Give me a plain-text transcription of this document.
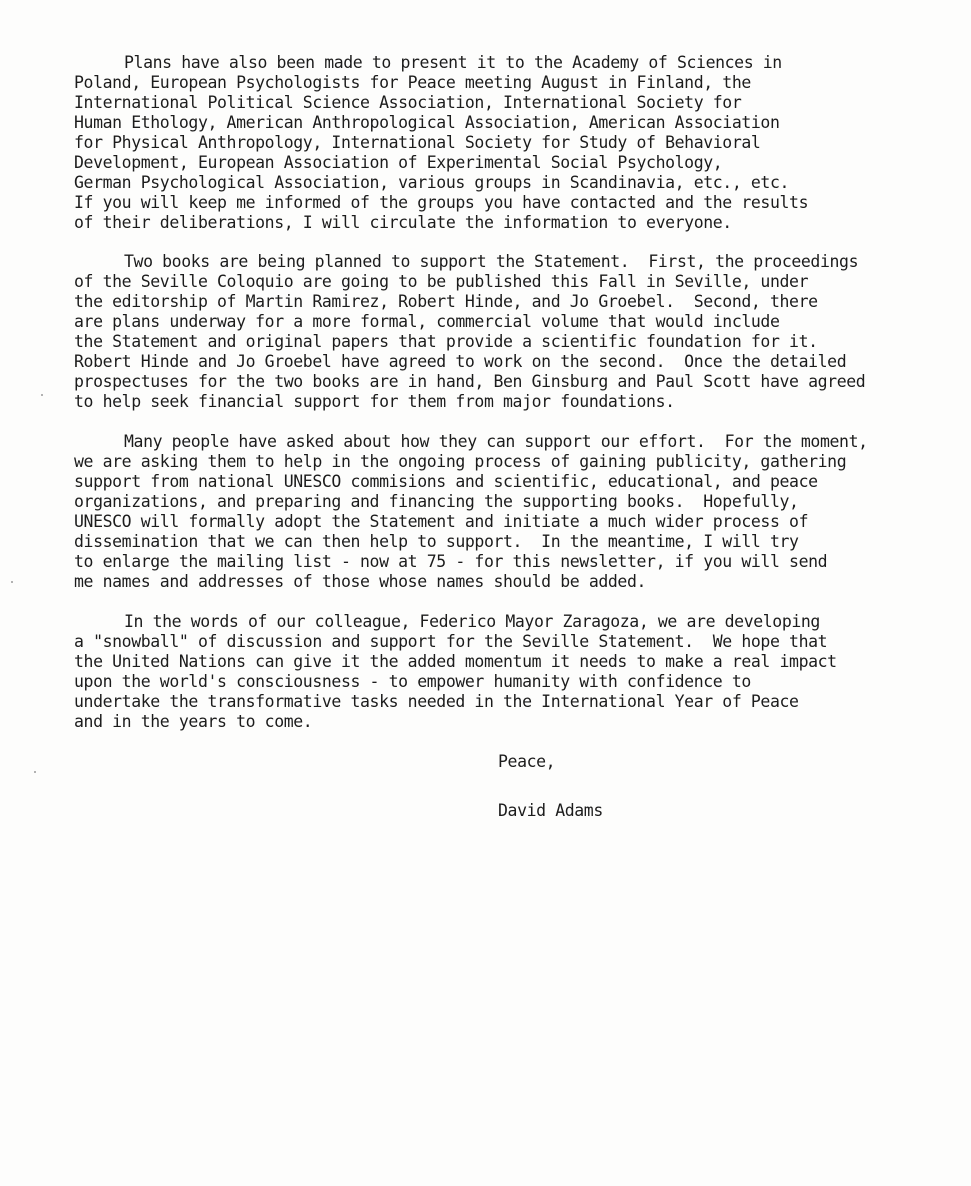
Plans have also been made to present it to the Academy of Sciences in
Poland, European Psychologists for Peace meeting August in Finland, the
International Political Science Association, International Society for
Human Ethology, American Anthropological Association, American Association
for Physical Anthropology, International Society for Study of Behavioral
Development, European Association of Experimental Social Psychology,
German Psychological Association, various groups in Scandinavia, etc., etc.
If you will keep me informed of the groups you have contacted and the results
of their deliberations, I will circulate the information to everyone.
Two books are being planned to support the Statement.  First, the proceedings
of the Seville Coloquio are going to be published this Fall in Seville, under
the editorship of Martin Ramirez, Robert Hinde, and Jo Groebel.  Second, there
are plans underway for a more formal, commercial volume that would include
the Statement and original papers that provide a scientific foundation for it.
Robert Hinde and Jo Groebel have agreed to work on the second.  Once the detailed
prospectuses for the two books are in hand, Ben Ginsburg and Paul Scott have agreed
to help seek financial support for them from major foundations.
Many people have asked about how they can support our effort.  For the moment,
we are asking them to help in the ongoing process of gaining publicity, gathering
support from national UNESCO commisions and scientific, educational, and peace
organizations, and preparing and financing the supporting books.  Hopefully,
UNESCO will formally adopt the Statement and initiate a much wider process of
dissemination that we can then help to support.  In the meantime, I will try
to enlarge the mailing list - now at 75 - for this newsletter, if you will send
me names and addresses of those whose names should be added.
In the words of our colleague, Federico Mayor Zaragoza, we are developing
a "snowball" of discussion and support for the Seville Statement.  We hope that
the United Nations can give it the added momentum it needs to make a real impact
upon the world's consciousness - to empower humanity with confidence to
undertake the transformative tasks needed in the International Year of Peace
and in the years to come.
Peace,
David Adams
